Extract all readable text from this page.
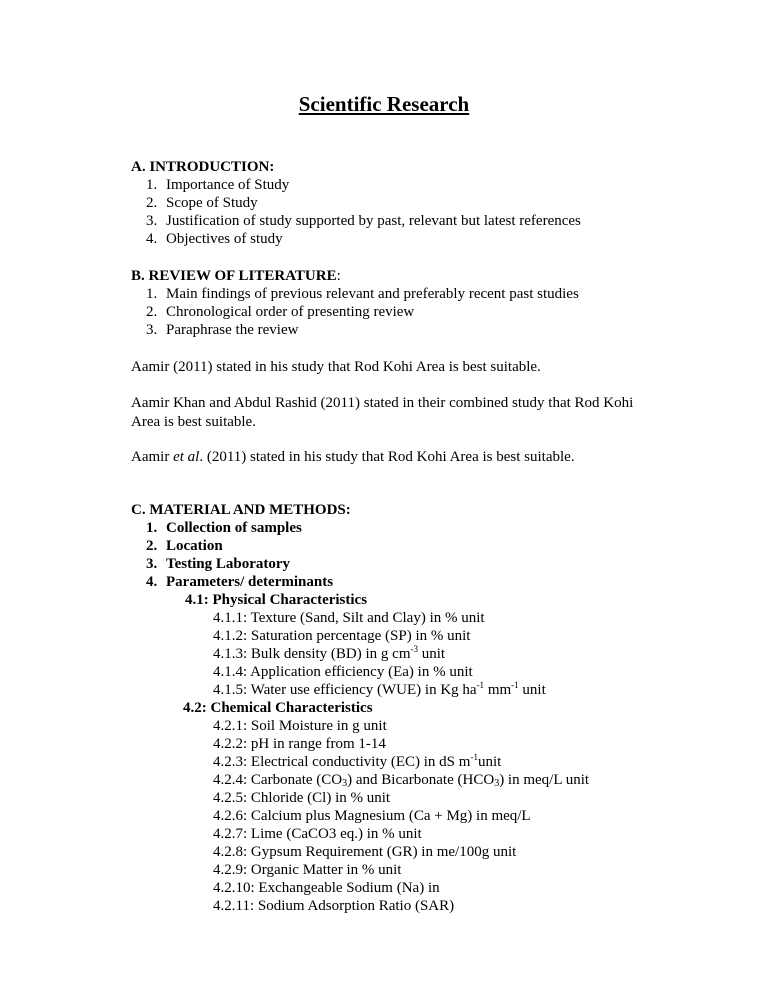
Scientific Research
A. INTRODUCTION:
1. Importance of Study
2. Scope of Study
3. Justification of study supported by past, relevant but latest references
4. Objectives of study
B. REVIEW OF LITERATURE:
1. Main findings of previous relevant and preferably recent past studies
2. Chronological order of presenting review
3. Paraphrase the review
Aamir (2011) stated in his study that Rod Kohi Area is best suitable.
Aamir Khan and Abdul Rashid (2011) stated in their combined study that Rod Kohi Area is best suitable.
Aamir et al. (2011) stated in his study that Rod Kohi Area is best suitable.
C. MATERIAL AND METHODS:
1. Collection of samples
2. Location
3. Testing Laboratory
4. Parameters/ determinants
4.1: Physical Characteristics
4.1.1: Texture (Sand, Silt and Clay) in % unit
4.1.2: Saturation percentage (SP) in % unit
4.1.3: Bulk density (BD) in g $cm^{-3}$ unit
4.1.4: Application efficiency (Ea) in % unit
4.1.5: Water use efficiency (WUE) in Kg $ha^{-1}$ $mm^{-1}$ unit
4.2: Chemical Characteristics
4.2.1: Soil Moisture in g unit
4.2.2: pH in range from 1-14
4.2.3: Electrical conductivity (EC) in dS $m^{-1}unit$
4.2.4: Carbonate $(CO_3)$ and Bicarbonate $(HCO_3)$ in meq/L unit
4.2.5: Chloride (Cl) in % unit
4.2.6: Calcium plus Magnesium (Ca + Mg) in meq/L
4.2.7: Lime (CaCO3 eq.) in % unit
4.2.8: Gypsum Requirement (GR) in me/100g unit
4.2.9: Organic Matter in % unit
4.2.10: Exchangeable Sodium (Na) in
4.2.11: Sodium Adsorption Ratio (SAR)
